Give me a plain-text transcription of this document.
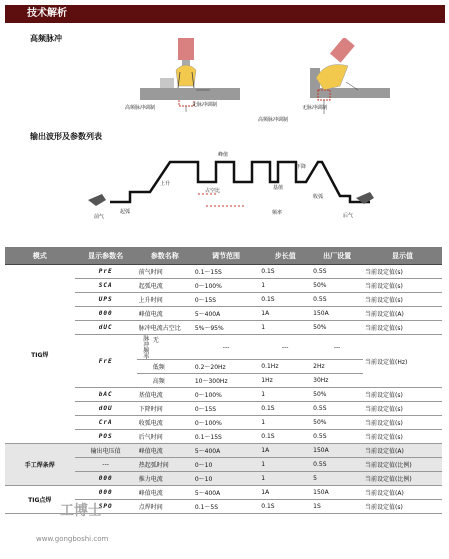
技术解析
高频脉冲
高频脉冲调制	无脉冲调制	无脉冲调制
高频脉冲调制
输出波形及参数列表
前气
起弧
上升
峰值
占空比	基值
频率
下降
收弧
后气
模式	显示参数名	参数名称	调节范围	步长值	出厂设置	显示值
TIG焊	PrE	前气时间	0.1～15S	0.1S	0.5S	当前设定值(s)
	SCA	起弧电流	0～100%	1	50%	当前设定值(s)
	UPS	上升时间	0～15S	0.1S	0.5S	当前设定值(s)
	000	峰值电流	5～400A	1A	150A	当前设定值(A)
	dUC	脉冲电流占空比	5%～95%	1	50%	当前设定值(s)
	FrE	脉冲频率 无	---	---	---	当前设定值(Hz)
		低频	0.2～20Hz	0.1Hz	2Hz	
		高频	10～300Hz	1Hz	30Hz	
	bAC	基值电流	0～100%	1	50%	当前设定值(s)
	dOU	下降时间	0～15S	0.1S	0.5S	当前设定值(s)
	CrA	收弧电流	0～100%	1	50%	当前设定值(s)
	POS	后气时间	0.1～15S	0.1S	0.5S	当前设定值(s)
手工焊条焊	输出电压值	峰值电流	5～400A	1A	150A	当前设定值(A)
	---	热起弧时间	0～10	1	0.5S	当前设定值(比例)
	000	推力电流	0～10	1	5	当前设定值(比例)
TIG点焊	000	峰值电流	5～400A	1A	150A	当前设定值(A)
	SPO	点焊时间	0.1～5S	0.1S	1S	当前设定值(s)
工博士
www.gongboshi.com
